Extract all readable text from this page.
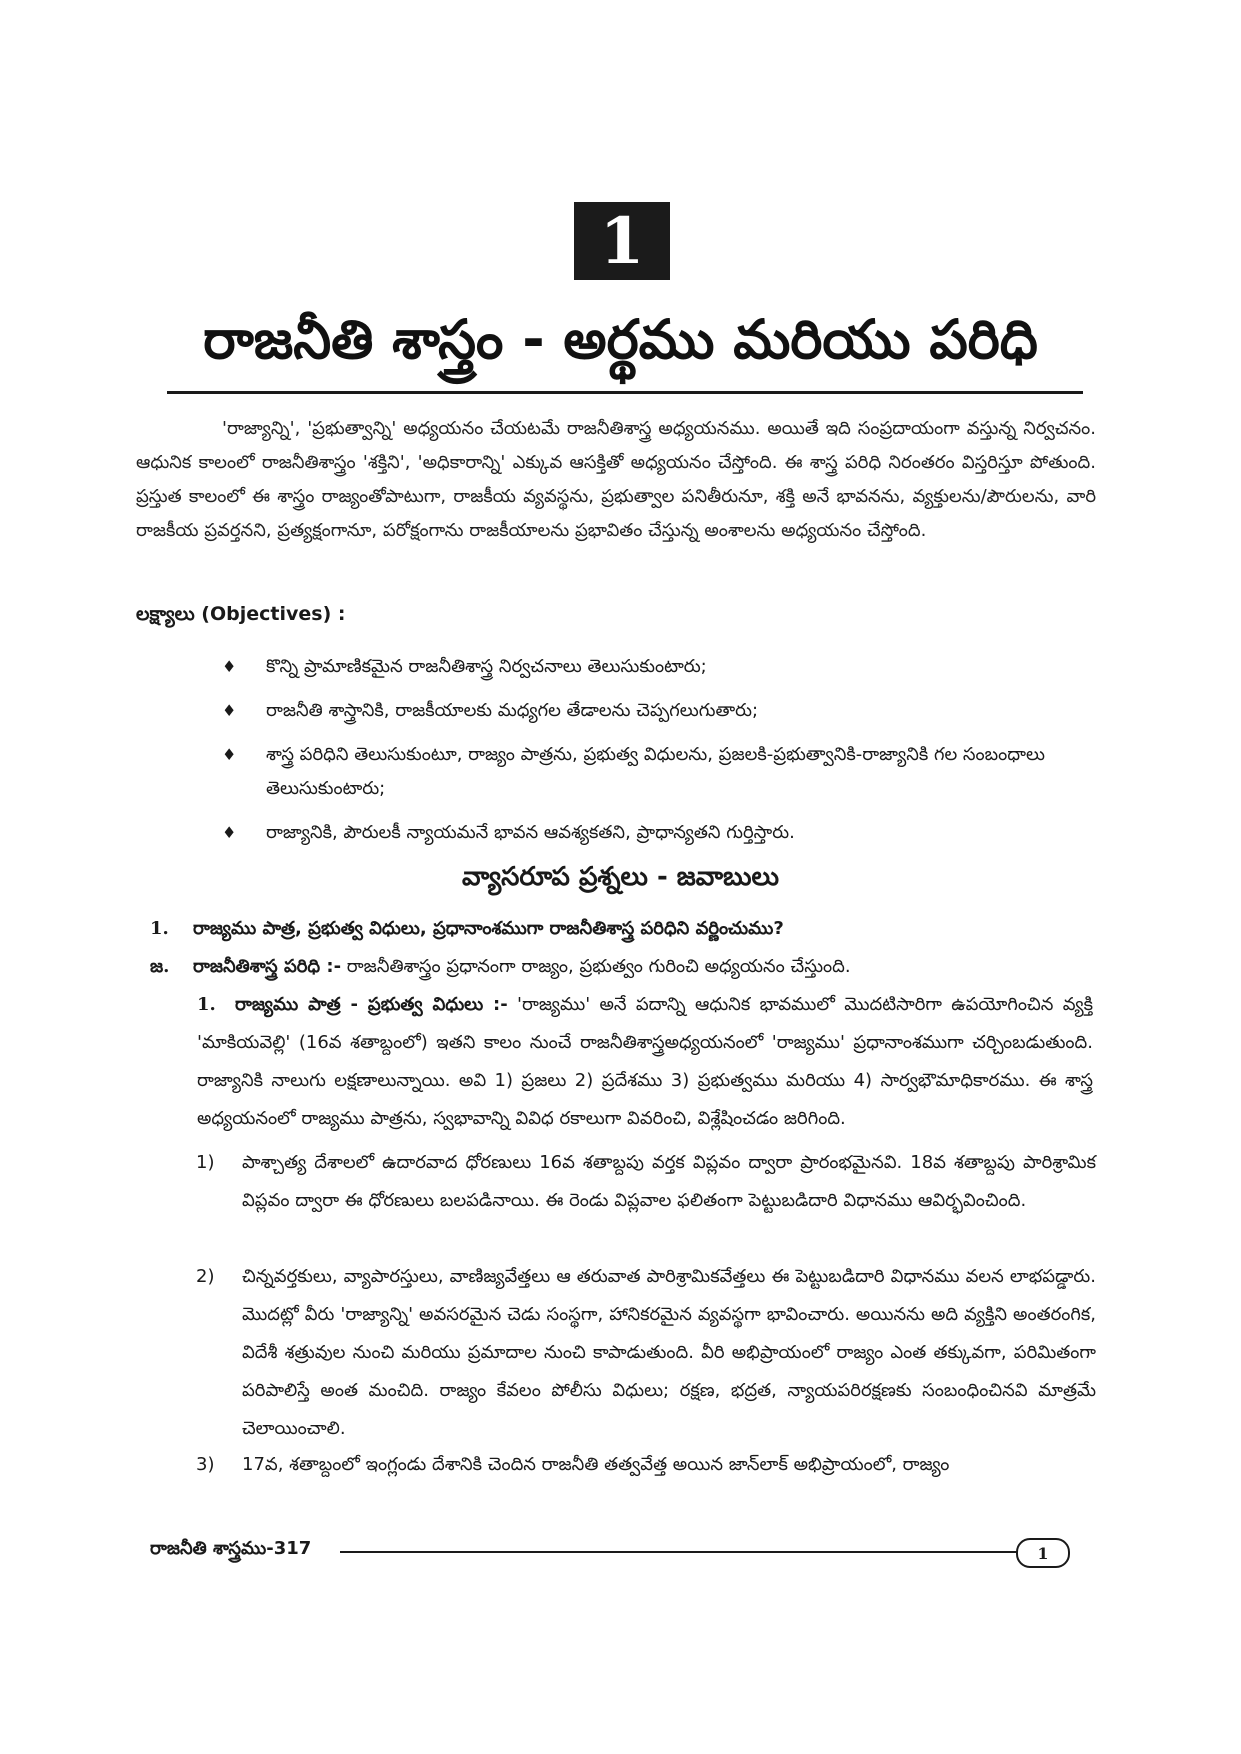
1
రాజనీతి శాస్త్రం - అర్థము మరియు పరిధి
'రాజ్యాన్ని', 'ప్రభుత్వాన్ని' అధ్యయనం చేయటమే రాజనీతిశాస్త్ర అధ్యయనము. అయితే ఇది సంప్రదాయంగా వస్తున్న నిర్వచనం. ఆధునిక కాలంలో రాజనీతిశాస్త్రం 'శక్తిని', 'అధికారాన్ని' ఎక్కువ ఆసక్తితో అధ్యయనం చేస్తోంది. ఈ శాస్త్ర పరిధి నిరంతరం విస్తరిస్తూ పోతుంది. ప్రస్తుత కాలంలో ఈ శాస్త్రం రాజ్యంతోపాటుగా, రాజకీయ వ్యవస్థను, ప్రభుత్వాల పనితీరునూ, శక్తి అనే భావనను, వ్యక్తులను/పౌరులను, వారి రాజకీయ ప్రవర్తనని, ప్రత్యక్షంగానూ, పరోక్షంగాను రాజకీయాలను ప్రభావితం చేస్తున్న అంశాలను అధ్యయనం చేస్తోంది.
లక్ష్యాలు (Objectives) :
♦ కొన్ని ప్రామాణికమైన రాజనీతిశాస్త్ర నిర్వచనాలు తెలుసుకుంటారు;
♦ రాజనీతి శాస్త్రానికి, రాజకీయాలకు మధ్యగల తేడాలను చెప్పగలుగుతారు;
♦ శాస్త్ర పరిధిని తెలుసుకుంటూ, రాజ్యం పాత్రను, ప్రభుత్వ విధులను, ప్రజలకి-ప్రభుత్వానికి-రాజ్యానికి గల సంబంధాలు తెలుసుకుంటారు;
♦ రాజ్యానికి, పౌరులకీ న్యాయమనే భావన ఆవశ్యకతని, ప్రాధాన్యతని గుర్తిస్తారు.
వ్యాసరూప ప్రశ్నలు - జవాబులు
1. రాజ్యము పాత్ర, ప్రభుత్వ విధులు, ప్రధానాంశముగా రాజనీతిశాస్త్ర పరిధిని వర్ణించుము?
జ. రాజనీతిశాస్త్ర పరిధి :- రాజనీతిశాస్త్రం ప్రధానంగా రాజ్యం, ప్రభుత్వం గురించి అధ్యయనం చేస్తుంది.
1. రాజ్యము పాత్ర - ప్రభుత్వ విధులు :- 'రాజ్యము' అనే పదాన్ని ఆధునిక భావములో మొదటిసారిగా ఉపయోగించిన వ్యక్తి 'మాకియవెల్లి' (16వ శతాబ్దంలో) ఇతని కాలం నుంచే రాజనీతిశాస్త్రఅధ్యయనంలో 'రాజ్యము' ప్రధానాంశముగా చర్చింబడుతుంది. రాజ్యానికి నాలుగు లక్షణాలున్నాయి. అవి 1) ప్రజలు 2) ప్రదేశము 3) ప్రభుత్వము మరియు 4) సార్వభౌమాధికారము. ఈ శాస్త్ర అధ్యయనంలో రాజ్యము పాత్రను, స్వభావాన్ని వివిధ రకాలుగా వివరించి, విశ్లేషించడం జరిగింది.
1) పాశ్చాత్య దేశాలలో ఉదారవాద ధోరణులు 16వ శతాబ్దపు వర్తక విప్లవం ద్వారా ప్రారంభమైనవి. 18వ శతాబ్దపు పారిశ్రామిక విప్లవం ద్వారా ఈ ధోరణులు బలపడినాయి. ఈ రెండు విప్లవాల ఫలితంగా పెట్టుబడిదారి విధానము ఆవిర్భవించింది.
2) చిన్నవర్తకులు, వ్యాపారస్తులు, వాణిజ్యవేత్తలు ఆ తరువాత పారిశ్రామికవేత్తలు ఈ పెట్టుబడిదారి విధానము వలన లాభపడ్డారు. మొదట్లో వీరు 'రాజ్యాన్ని' అవసరమైన చెడు సంస్థగా, హానికరమైన వ్యవస్థగా భావించారు. అయినను అది వ్యక్తిని అంతరంగిక, విదేశీ శత్రువుల నుంచి మరియు ప్రమాదాల నుంచి కాపాడుతుంది. వీరి అభిప్రాయంలో రాజ్యం ఎంత తక్కువగా, పరిమితంగా పరిపాలిస్తే అంత మంచిది. రాజ్యం కేవలం పోలీసు విధులు; రక్షణ, భద్రత, న్యాయపరిరక్షణకు సంబంధించినవి మాత్రమే చెలాయించాలి.
3) 17వ, శతాబ్దంలో ఇంగ్లండు దేశానికి చెందిన రాజనీతి తత్వవేత్త అయిన జాన్‌లాక్ అభిప్రాయంలో, రాజ్యం
రాజనీతి శాస్త్రము-317	1
